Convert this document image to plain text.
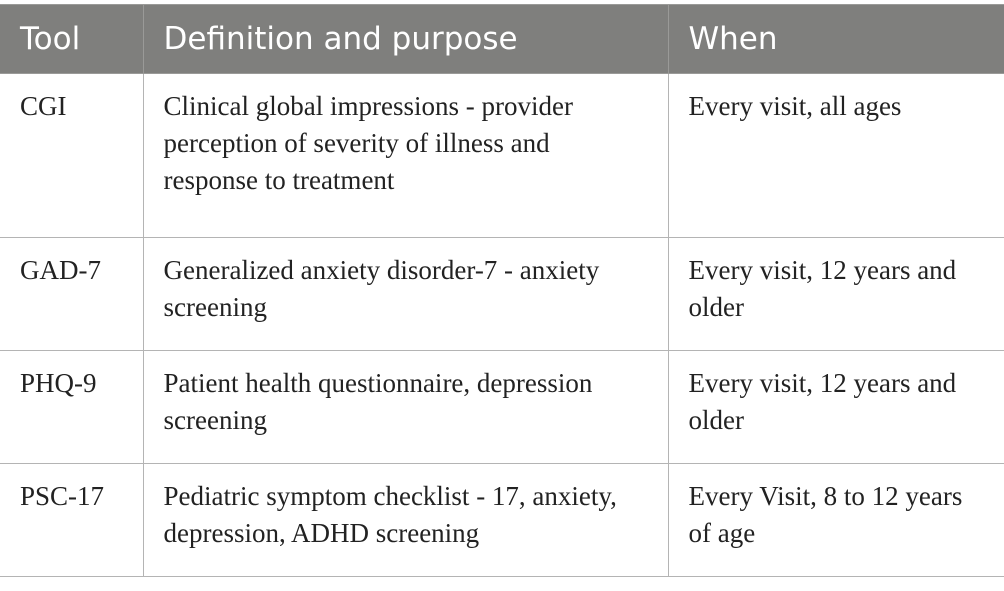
Tool	Definition and purpose	When
CGI	Clinical global impressions - provider perception of severity of illness and response to treatment	Every visit, all ages
GAD-7	Generalized anxiety disorder-7 - anxiety screening	Every visit, 12 years and older
PHQ-9	Patient health questionnaire, depression screening	Every visit, 12 years and older
PSC-17	Pediatric symptom checklist - 17, anxiety, depression, ADHD screening	Every Visit, 8 to 12 years of age
